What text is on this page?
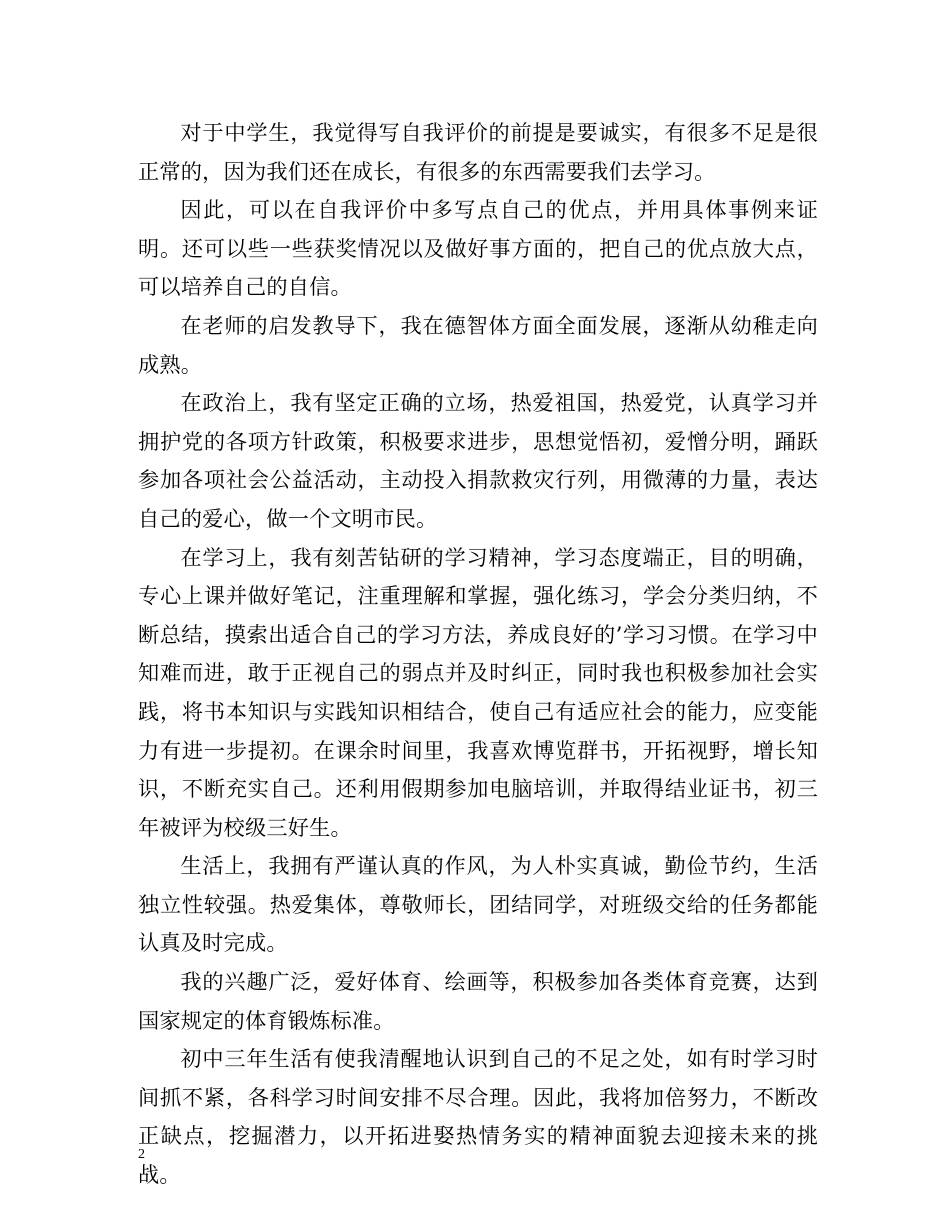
对于中学生，我觉得写自我评价的前提是要诚实，有很多不足是很正常的，因为我们还在成长，有很多的东西需要我们去学习。

因此，可以在自我评价中多写点自己的优点，并用具体事例来证明。还可以些一些获奖情况以及做好事方面的，把自己的优点放大点，可以培养自己的自信。

在老师的启发教导下，我在德智体方面全面发展，逐渐从幼稚走向成熟。

在政治上，我有坚定正确的立场，热爱祖国，热爱党，认真学习并拥护党的各项方针政策，积极要求进步，思想觉悟初，爱憎分明，踊跃参加各项社会公益活动，主动投入捐款救灾行列，用微薄的力量，表达自己的爱心，做一个文明市民。

在学习上，我有刻苦钻研的学习精神，学习态度端正，目的明确，专心上课并做好笔记，注重理解和掌握，强化练习，学会分类归纳，不断总结，摸索出适合自己的学习方法，养成良好的’学习习惯。在学习中知难而进，敢于正视自己的弱点并及时纠正，同时我也积极参加社会实践，将书本知识与实践知识相结合，使自己有适应社会的能力，应变能力有进一步提初。在课余时间里，我喜欢博览群书，开拓视野，增长知识，不断充实自己。还利用假期参加电脑培训，并取得结业证书，初三年被评为校级三好生。

生活上，我拥有严谨认真的作风，为人朴实真诚，勤俭节约，生活独立性较强。热爱集体，尊敬师长，团结同学，对班级交给的任务都能认真及时完成。

我的兴趣广泛，爱好体育、绘画等，积极参加各类体育竞赛，达到国家规定的体育锻炼标准。

初中三年生活有使我清醒地认识到自己的不足之处，如有时学习时间抓不紧，各科学习时间安排不尽合理。因此，我将加倍努力，不断改正缺点，挖掘潜力，以开拓进娶热情务实的精神面貌去迎接未来的挑战。

2
